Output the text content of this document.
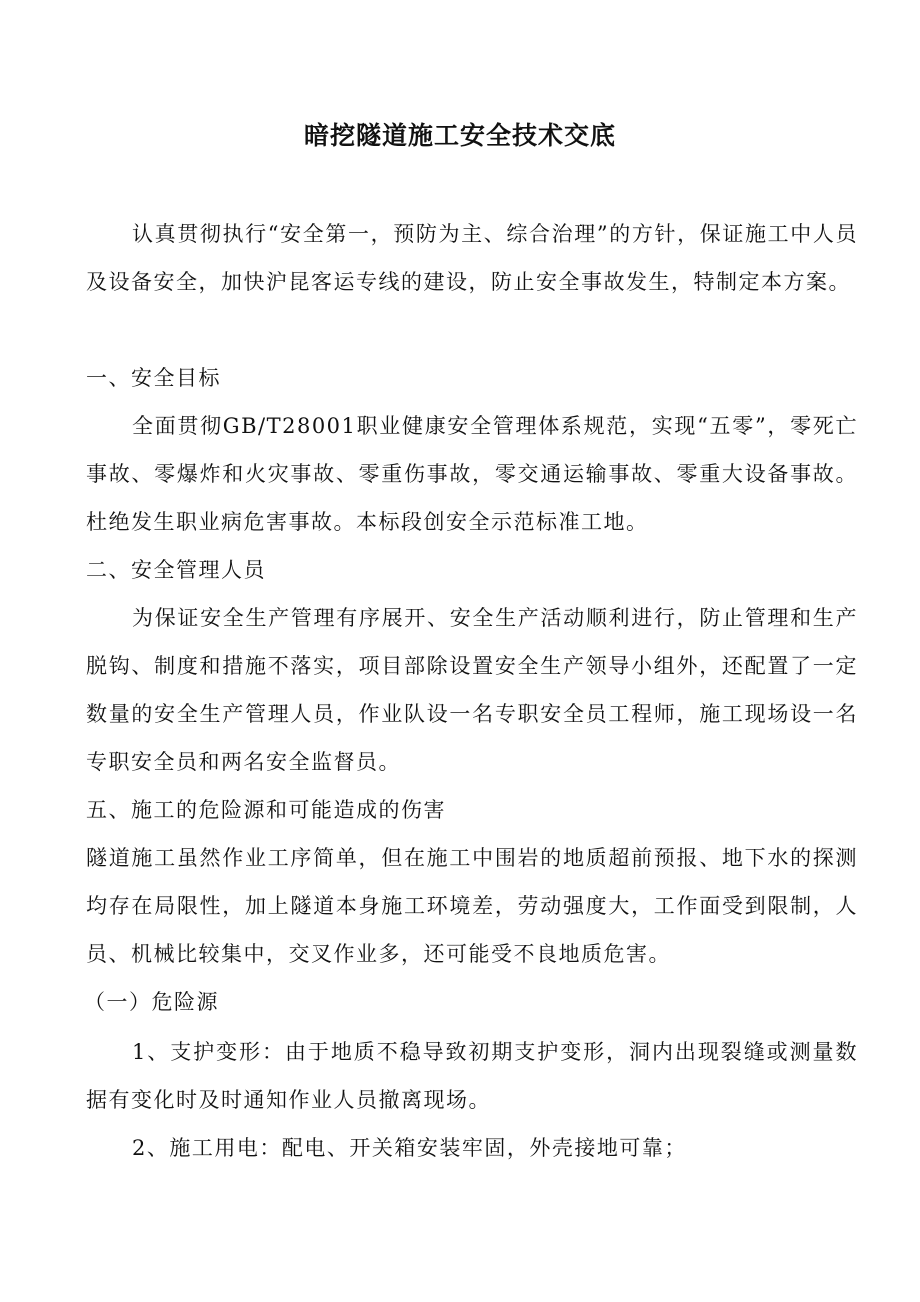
暗挖隧道施工安全技术交底
认真贯彻执行“安全第一，预防为主、综合治理”的方针，保证施工中人员及设备安全，加快沪昆客运专线的建设，防止安全事故发生，特制定本方案。
一、安全目标
全面贯彻GB/T28001职业健康安全管理体系规范，实现“五零”，零死亡事故、零爆炸和火灾事故、零重伤事故，零交通运输事故、零重大设备事故。杜绝发生职业病危害事故。本标段创安全示范标准工地。
二、安全管理人员
为保证安全生产管理有序展开、安全生产活动顺利进行，防止管理和生产脱钩、制度和措施不落实，项目部除设置安全生产领导小组外，还配置了一定数量的安全生产管理人员，作业队设一名专职安全员工程师，施工现场设一名专职安全员和两名安全监督员。
五、施工的危险源和可能造成的伤害
隧道施工虽然作业工序简单，但在施工中围岩的地质超前预报、地下水的探测均存在局限性，加上隧道本身施工环境差，劳动强度大，工作面受到限制，人员、机械比较集中，交叉作业多，还可能受不良地质危害。
（一）危险源
1、支护变形：由于地质不稳导致初期支护变形，洞内出现裂缝或测量数据有变化时及时通知作业人员撤离现场。
2、施工用电：配电、开关箱安装牢固，外壳接地可靠；
